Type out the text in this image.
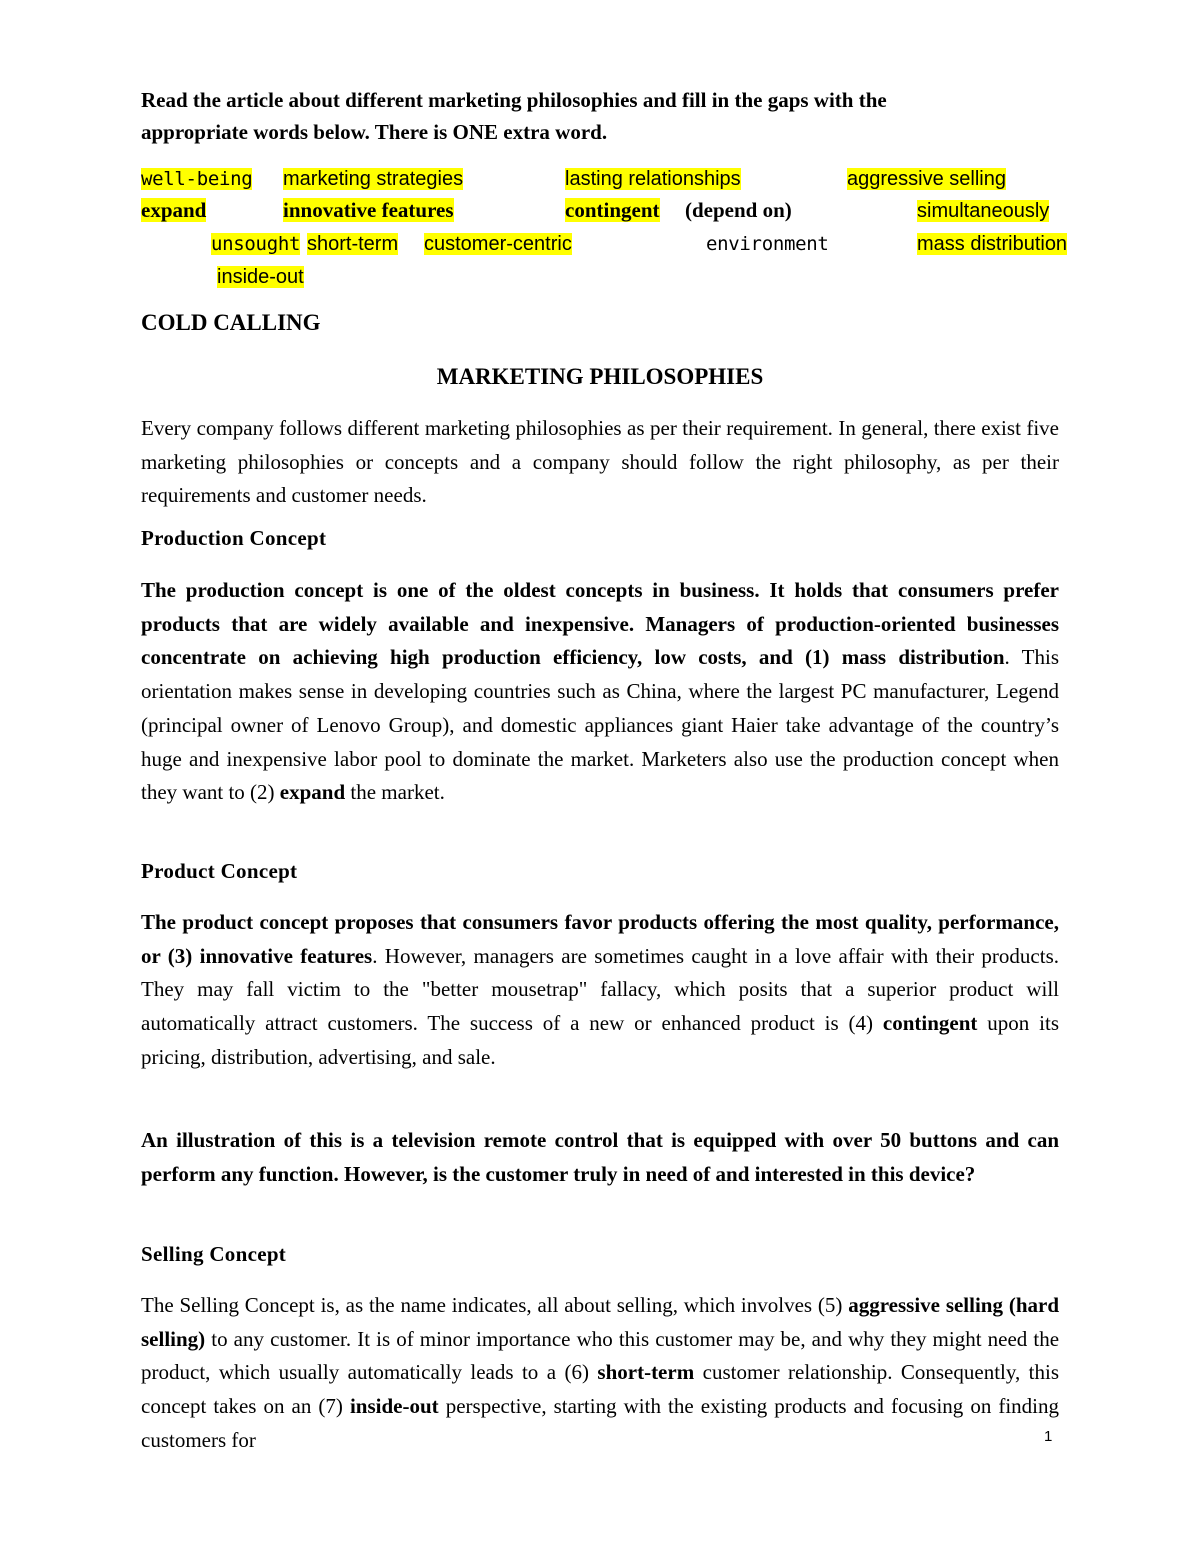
Read the article about different marketing philosophies and fill in the gaps with the
appropriate words below. There is ONE extra word.
well-being marketing strategies	lasting relationships	aggressive selling
expand	innovative features	contingent (depend on)	simultaneously
unsought short-term customer-centric	environment	mass distribution
inside-out
COLD CALLING
MARKETING PHILOSOPHIES
Every company follows different marketing philosophies as per their requirement. In general, there exist five marketing philosophies or concepts and a company should follow the right philosophy, as per their requirements and customer needs.
Production Concept
The production concept is one of the oldest concepts in business. It holds that consumers prefer products that are widely available and inexpensive. Managers of production-oriented businesses concentrate on achieving high production efficiency, low costs, and (1) mass distribution. This orientation makes sense in developing countries such as China, where the largest PC manufacturer, Legend (principal owner of Lenovo Group), and domestic appliances giant Haier take advantage of the country’s huge and inexpensive labor pool to dominate the market. Marketers also use the production concept when they want to (2) expand the market.
Product Concept
The product concept proposes that consumers favor products offering the most quality, performance, or (3) innovative features. However, managers are sometimes caught in a love affair with their products. They may fall victim to the "better mousetrap" fallacy, which posits that a superior product will automatically attract customers. The success of a new or enhanced product is (4) contingent upon its pricing, distribution, advertising, and sale.
An illustration of this is a television remote control that is equipped with over 50 buttons and can perform any function. However, is the customer truly in need of and interested in this device?
Selling Concept
The Selling Concept is, as the name indicates, all about selling, which involves (5) aggressive selling (hard selling) to any customer. It is of minor importance who this customer may be, and why they might need the product, which usually automatically leads to a (6) short-term customer relationship. Consequently, this concept takes on an (7) inside-out perspective, starting with the existing products and focusing on finding customers for	1
